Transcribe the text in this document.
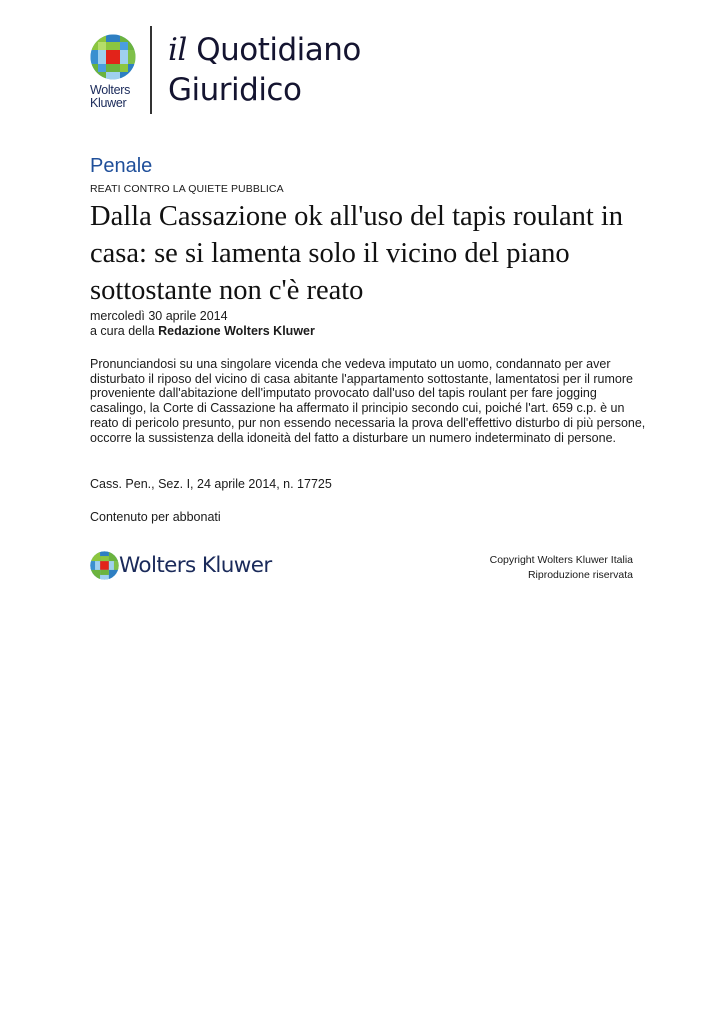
Wolters
Kluwer
il Quotidiano
Giuridico
Penale
REATI CONTRO LA QUIETE PUBBLICA
Dalla Cassazione ok all'uso del tapis roulant in casa: se si lamenta solo il vicino del piano sottostante non c'è reato
mercoledì 30 aprile 2014
a cura della Redazione Wolters Kluwer
Pronunciandosi su una singolare vicenda che vedeva imputato un uomo, condannato per aver disturbato il riposo del vicino di casa abitante l'appartamento sottostante, lamentatosi per il rumore proveniente dall'abitazione dell'imputato provocato dall'uso del tapis roulant per fare jogging casalingo, la Corte di Cassazione ha affermato il principio secondo cui, poiché l'art. 659 c.p. è un reato di pericolo presunto, pur non essendo necessaria la prova dell'effettivo disturbo di più persone, occorre la sussistenza della idoneità del fatto a disturbare un numero indeterminato di persone.
Cass. Pen., Sez. I, 24 aprile 2014, n. 17725
Contenuto per abbonati
Wolters Kluwer	Copyright Wolters Kluwer Italia
Riproduzione riservata
